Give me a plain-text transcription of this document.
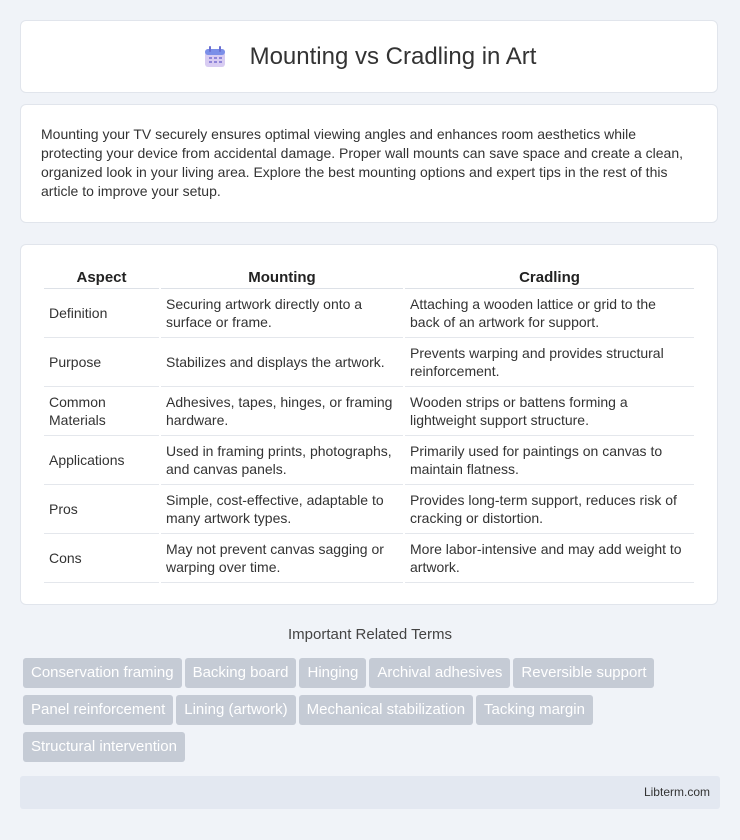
Mounting vs Cradling in Art

Mounting your TV securely ensures optimal viewing angles and enhances room aesthetics while protecting your device from accidental damage. Proper wall mounts can save space and create a clean, organized look in your living area. Explore the best mounting options and expert tips in the rest of this article to improve your setup.

Aspect	Mounting	Cradling
Definition	Securing artwork directly onto a surface or frame.	Attaching a wooden lattice or grid to the back of an artwork for support.
Purpose	Stabilizes and displays the artwork.	Prevents warping and provides structural reinforcement.
Common Materials	Adhesives, tapes, hinges, or framing hardware.	Wooden strips or battens forming a lightweight support structure.
Applications	Used in framing prints, photographs, and canvas panels.	Primarily used for paintings on canvas to maintain flatness.
Pros	Simple, cost-effective, adaptable to many artwork types.	Provides long-term support, reduces risk of cracking or distortion.
Cons	May not prevent canvas sagging or warping over time.	More labor-intensive and may add weight to artwork.
Important Related Terms
Conservation framing Backing board Hinging Archival adhesives Reversible support
Panel reinforcement Lining (artwork) Mechanical stabilization Tacking margin
Structural intervention
Libterm.com
